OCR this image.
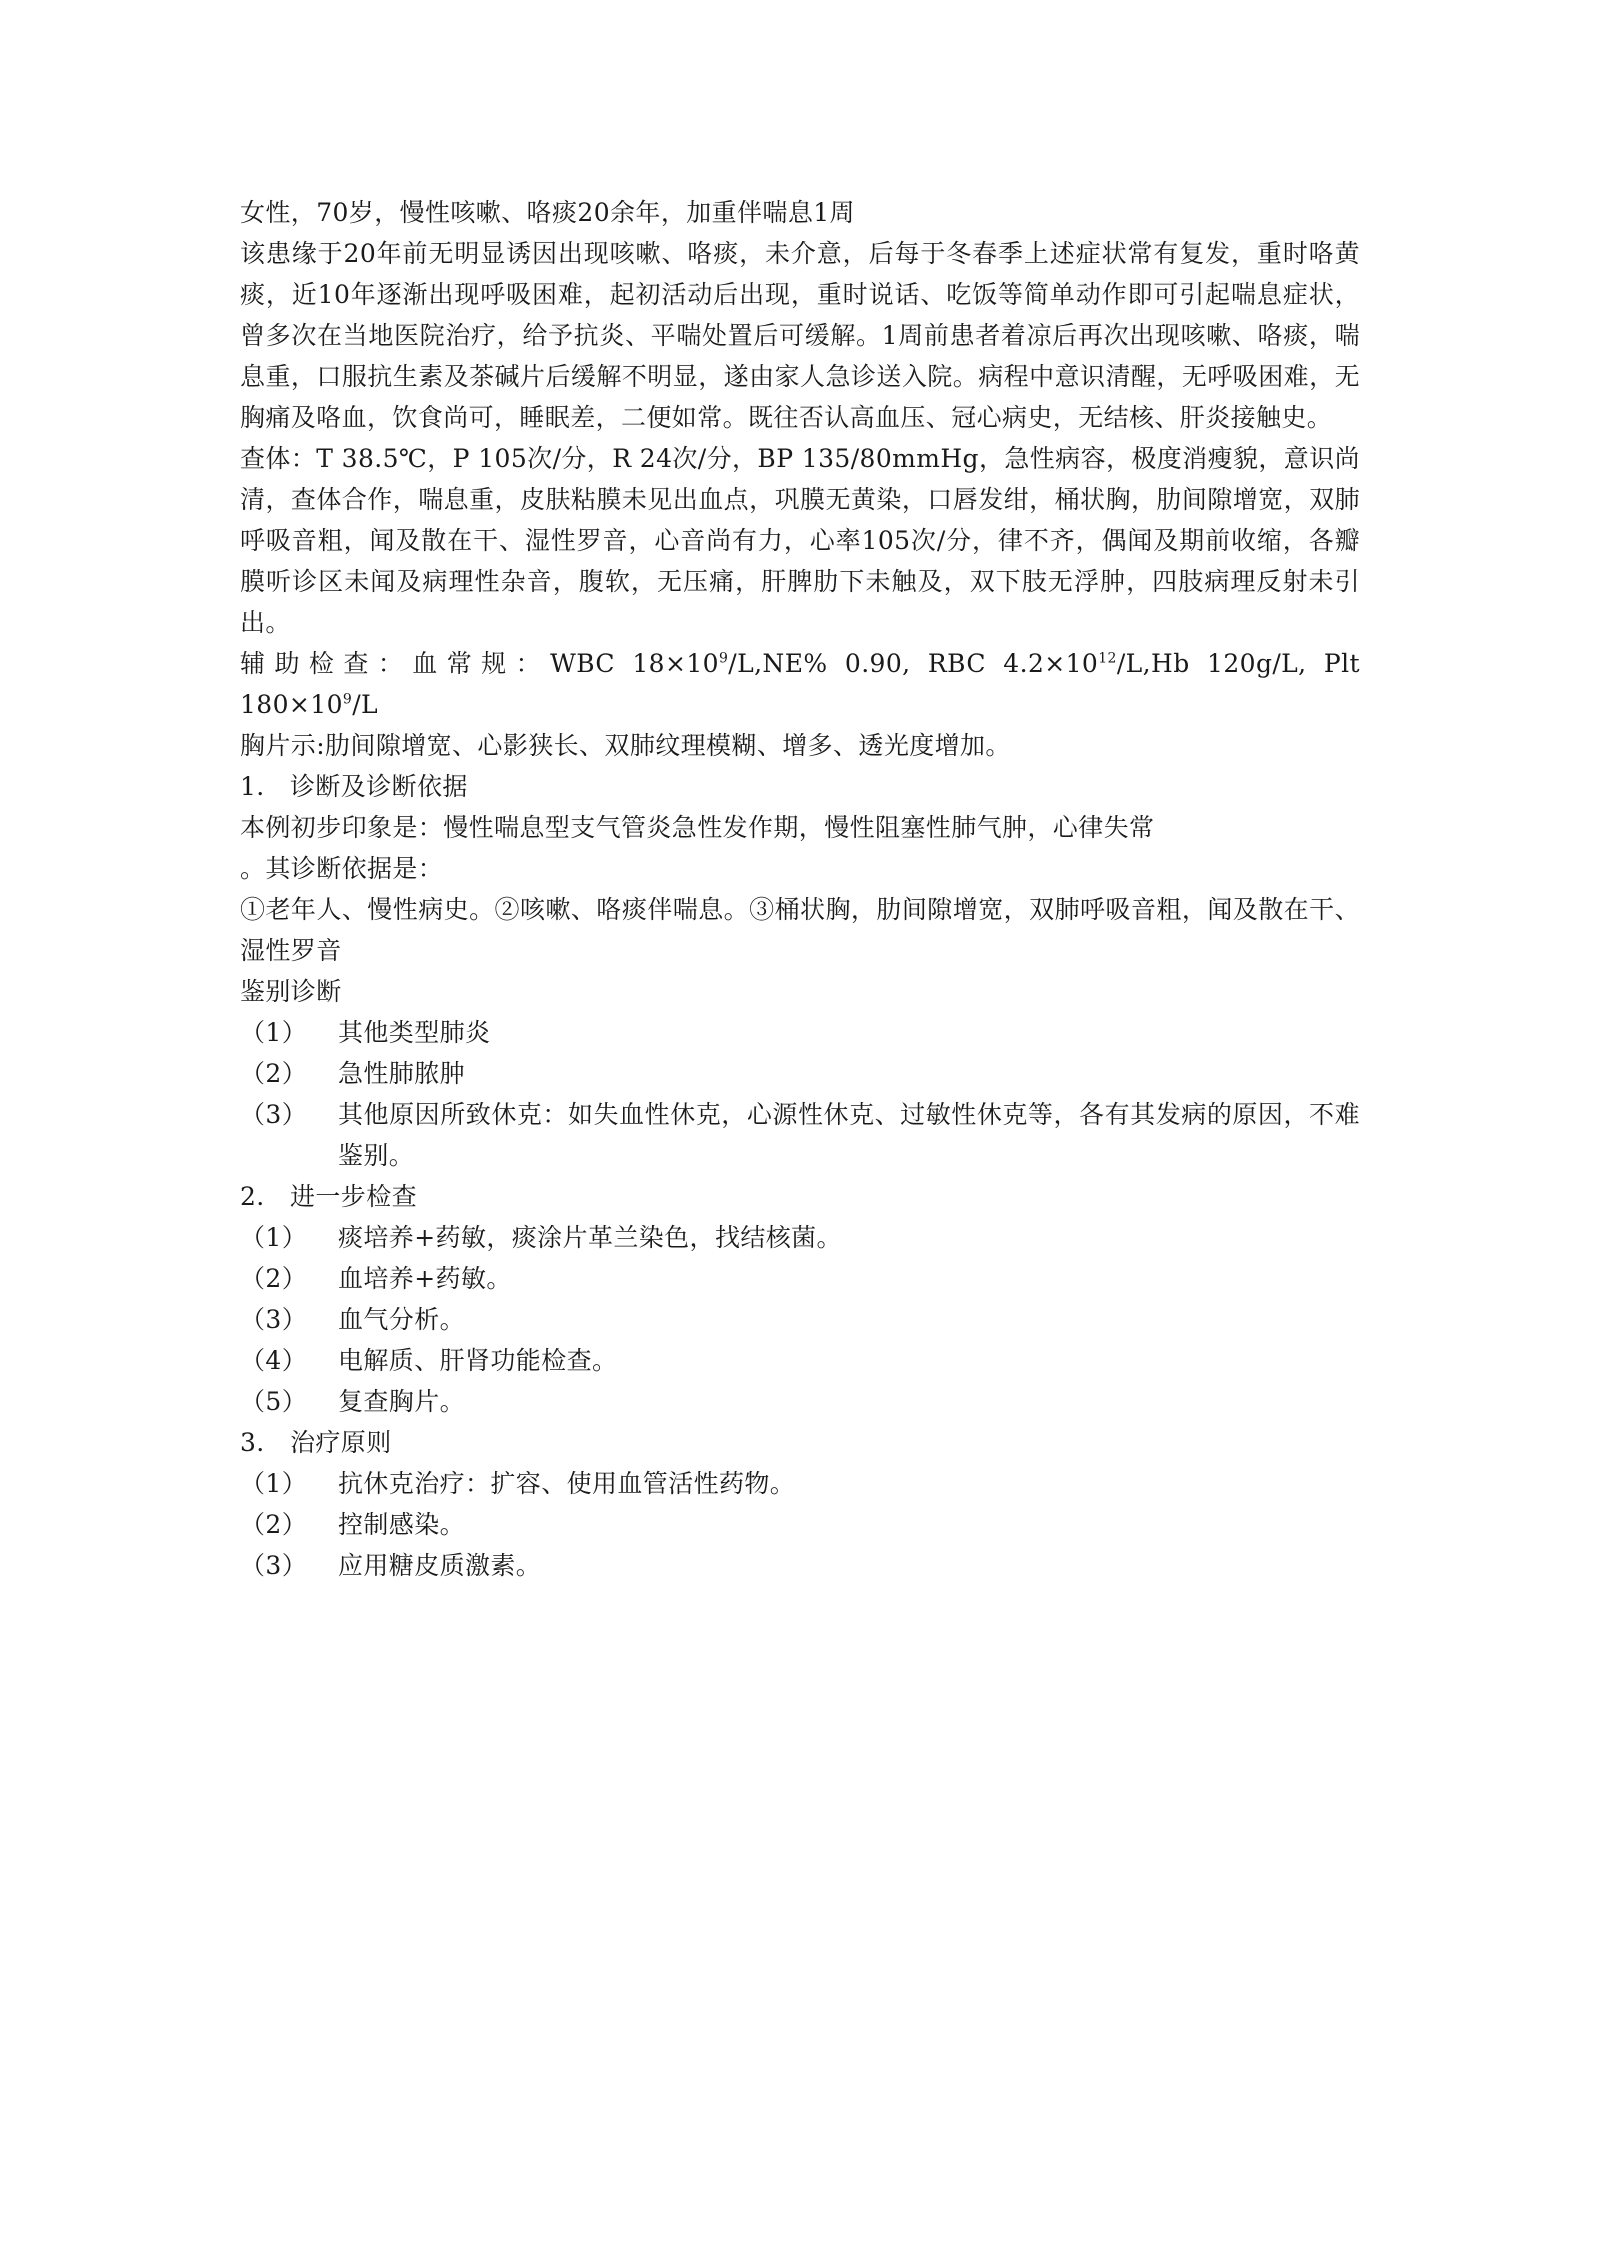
女性，70岁，慢性咳嗽、咯痰20余年，加重伴喘息1周

该患缘于20年前无明显诱因出现咳嗽、咯痰，未介意，后每于冬春季上述症状常有复发，重时咯黄痰，近10年逐渐出现呼吸困难，起初活动后出现，重时说话、吃饭等简单动作即可引起喘息症状，曾多次在当地医院治疗，给予抗炎、平喘处置后可缓解。1周前患者着凉后再次出现咳嗽、咯痰，喘息重，口服抗生素及茶碱片后缓解不明显，遂由家人急诊送入院。病程中意识清醒，无呼吸困难，无胸痛及咯血，饮食尚可，睡眠差，二便如常。既往否认高血压、冠心病史，无结核、肝炎接触史。

查体：T 38.5℃，P 105次/分，R 24次/分，BP 135/80mmHg，急性病容，极度消瘦貌，意识尚清，查体合作，喘息重，皮肤粘膜未见出血点，巩膜无黄染，口唇发绀，桶状胸，肋间隙增宽，双肺呼吸音粗，闻及散在干、湿性罗音，心音尚有力，心率105次/分，律不齐，偶闻及期前收缩，各瓣膜听诊区未闻及病理性杂音，腹软，无压痛，肝脾肋下未触及，双下肢无浮肿，四肢病理反射未引出。

辅助检查：血常规：WBC $18\times 10^9/L,NE\%$ 0.90, RBC $4.2\times 10^{12}/L,Hb$ 120g/L, Plt $180\times 10^9/L$

胸片示:肋间隙增宽、心影狭长、双肺纹理模糊、增多、透光度增加。

1.	诊断及诊断依据

本例初步印象是：慢性喘息型支气管炎急性发作期，慢性阻塞性肺气肿，心律失常

。其诊断依据是：

①老年人、慢性病史。②咳嗽、咯痰伴喘息。③桶状胸，肋间隙增宽，双肺呼吸音粗，闻及散在干、湿性罗音

鉴别诊断

（1）	其他类型肺炎
（2）	急性肺脓肿
（3）	其他原因所致休克：如失血性休克，心源性休克、过敏性休克等，各有其发病的原因，不难鉴别。
2.	进一步检查
（1）	痰培养+药敏，痰涂片革兰染色，找结核菌。
（2）	血培养+药敏。
（3）	血气分析。
（4）	电解质、肝肾功能检查。
（5）	复查胸片。
3.	治疗原则
（1）	抗休克治疗：扩容、使用血管活性药物。
（2）	控制感染。
（3）	应用糖皮质激素。
